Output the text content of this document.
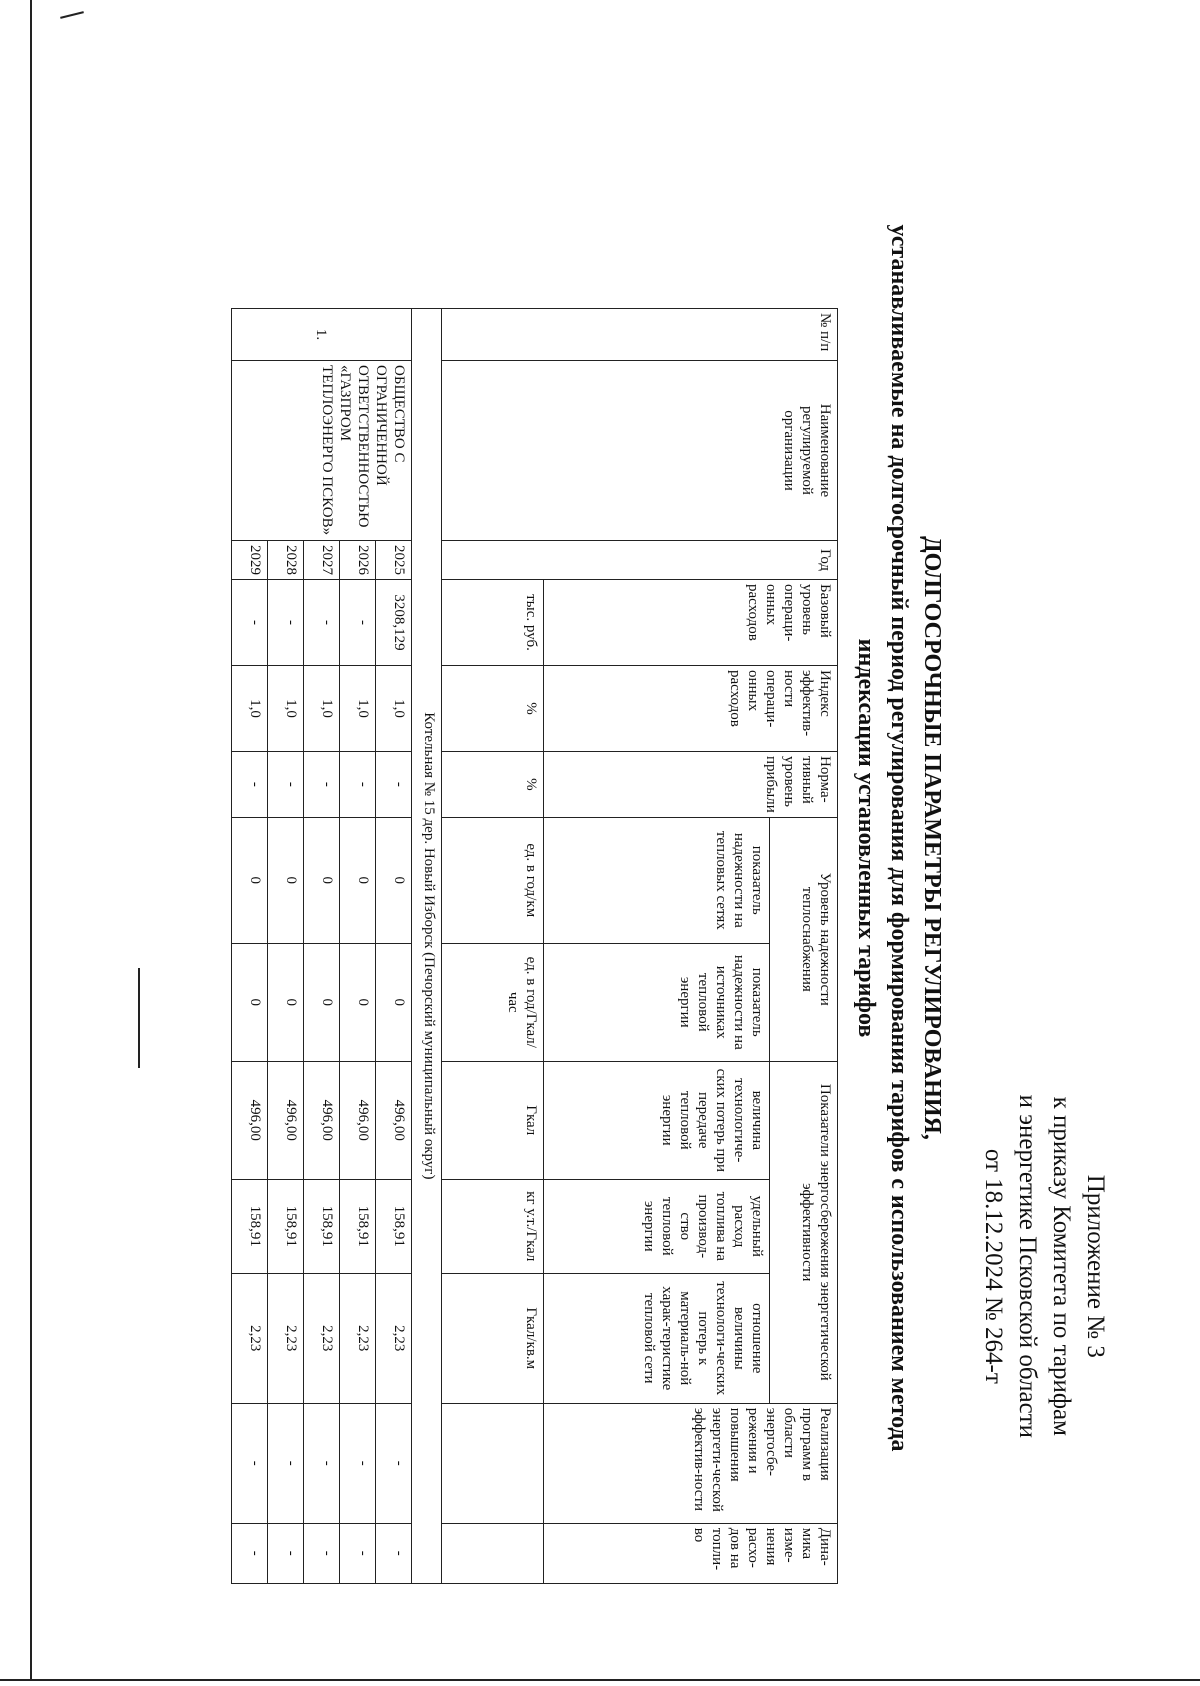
Приложение № 3
к приказу Комитета по тарифам
и энергетике Псковской области
от 18.12.2024 № 264-т
ДОЛГОСРОЧНЫЕ ПАРАМЕТРЫ РЕГУЛИРОВАНИЯ,
устанавливаемые на долгосрочный период регулирования для формирования тарифов с использованием метода
индексации установленных тарифов
№ п/п	Наименование регулируемой организации	Год	Базовый уровень операци-онных расходов	Индекс эффектив-ности операци-онных расходов	Норма-тивный уровень прибыли	Уровень надежности теплоснабжения		Показатели энергосбережения энергетической эффективности			Реализация программ в области энергосбе-режения и повышения энергети-ческой эффектив-ности	Дина-мика изме-нения расхо-дов на топли-во
						показатель надежности на тепловых сетях	показатель надежности на источниках тепловой энергии	величина технологиче-ских потерь при передаче тепловой энергии	удельный расход топлива на производ-ство тепловой энергии	отношение величины технологи-ческих потерь к материаль-ной харак-теристике тепловой сети		
			тыс. руб.	%	%	ед. в год/км	ед. в год/Гкал/ час	Гкал	кг у.т./Гкал	Гкал/кв.м		
Котельная № 15 дер. Новый Изборск (Печорский муниципальный округ)												
1.	ОБЩЕСТВО С ОГРАНИЧЕННОЙ ОТВЕТСТВЕННОСТЬЮ «ГАЗПРОМ ТЕПЛОЭНЕРГО ПСКОВ»	2025	3208,129	1,0	-	0	0	496,00	158,91	2,23	-	-
		2026	-	1,0	-	0	0	496,00	158,91	2,23	-	-
		2027	-	1,0	-	0	0	496,00	158,91	2,23	-	-
		2028	-	1,0	-	0	0	496,00	158,91	2,23	-	-
		2029	-	1,0	-	0	0	496,00	158,91	2,23	-	-
